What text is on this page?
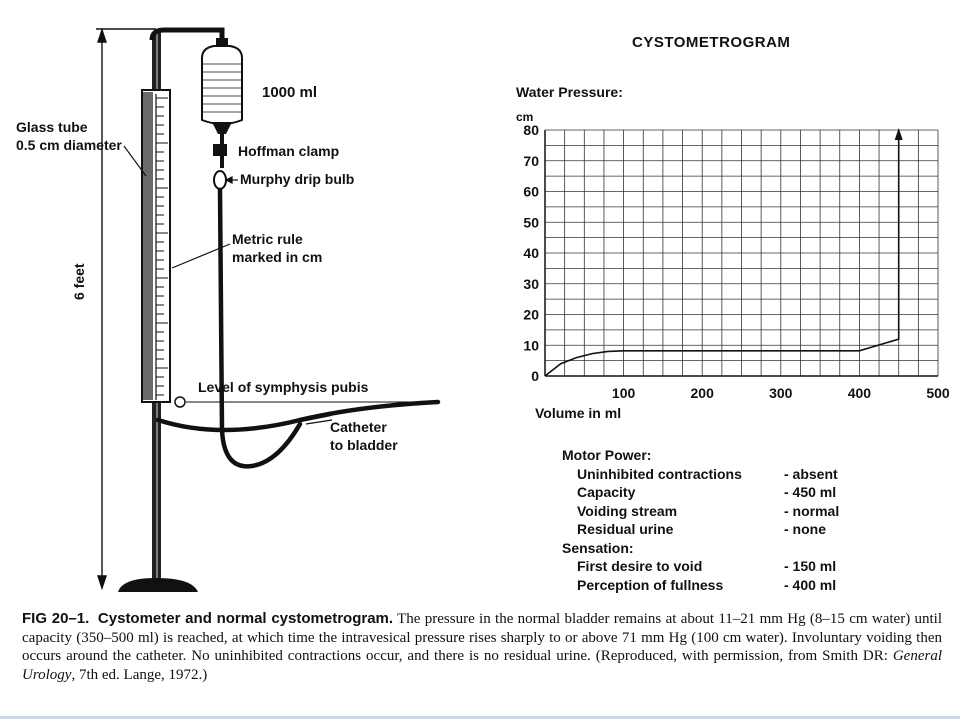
1000 ml
Hoffman clamp
Murphy drip bulb
Glass tube
0.5 cm diameter
Metric rule
marked in cm
6 feet
Level of symphysis pubis
Catheter
to bladder
CYSTOMETROGRAM
Water Pressure:
cm
0
10
20
30
40
50
60
70
80
100	200	300	400	500
Volume in ml
Motor Power:
Uninhibited contractions	- absent
Capacity	- 450 ml
Voiding stream	- normal
Residual urine	- none
Sensation:
First desire to void	- 150 ml
Perception of fullness	- 400 ml
FIG 20–1. Cystometer and normal cystometrogram. The pressure in the normal bladder remains at about 11–21 mm Hg (8–15 cm water) until capacity (350–500 ml) is reached, at which time the intravesical pressure rises sharply to or above 71 mm Hg (100 cm water). Involuntary voiding then occurs around the catheter. No uninhibited contractions occur, and there is no residual urine. (Reproduced, with permission, from Smith DR: General Urology, 7th ed. Lange, 1972.)
